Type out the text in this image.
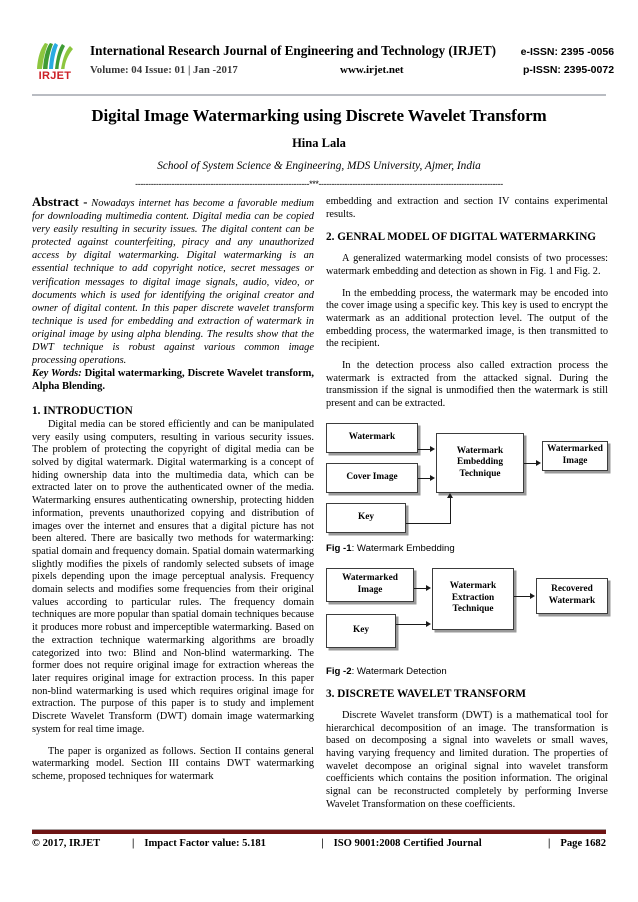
IRJET
International Research Journal of Engineering and Technology (IRJET)	e-ISSN: 2395 -0056
Volume: 04 Issue: 01 | Jan -2017	www.irjet.net	p-ISSN: 2395-0072
Digital Image Watermarking using Discrete Wavelet Transform
Hina Lala
School of System Science & Engineering, MDS University, Ajmer, India
-------------------------------------------------------------------***-----------------------------------------------------------------------

Abstract - Nowadays internet has become a favorable medium for downloading multimedia content. Digital media can be copied very easily resulting in security issues. The digital content can be protected against counterfeiting, piracy and any unauthorized access by digital watermarking. Digital watermarking is an essential technique to add copyright notice, secret messages or verification messages to digital image signals, audio, video, or documents which is used for identifying the original creator and owner of digital content. In this paper discrete wavelet transform technique is used for embedding and extraction of watermark in original image by using alpha blending. The results show that the DWT technique is robust against various common image processing operations.

Key Words: Digital watermarking, Discrete Wavelet transform, Alpha Blending.

1. INTRODUCTION

Digital media can be stored efficiently and can be manipulated very easily using computers, resulting in various security issues. The problem of protecting the copyright of digital media can be solved by digital watermark. Digital watermarking is a concept of hiding ownership data into the multimedia data, which can be extracted later on to prove the authenticated owner of the media. Watermarking ensures authenticating ownership, protecting hidden information, prevents unauthorized copying and distribution of images over the internet and ensures that a digital picture has not been altered. There are basically two methods for watermarking: spatial domain and frequency domain. Spatial domain watermarking slightly modifies the pixels of randomly selected subsets of image pixels depending upon the image perceptual analysis. Frequency domain selects and modifies some frequencies from their original values according to particular rules. The frequency domain techniques are more popular than spatial domain techniques because it produces more robust and imperceptible watermarking. Based on the extraction technique watermarking algorithms are broadly categorized into two: Blind and Non-blind watermarking. The former does not require original image for extraction whereas the later requires original image for extraction process. In this paper non-blind watermarking is used which requires original image for extraction. The purpose of this paper is to study and implement Discrete Wavelet Transform (DWT) domain image watermarking system for real time image.

The paper is organized as follows. Section II contains general watermarking model. Section III contains DWT watermarking scheme, proposed techniques for watermark

embedding and extraction and section IV contains experimental results.

2. GENRAL MODEL OF DIGITAL WATERMARKING

A generalized watermarking model consists of two processes: watermark embedding and detection as shown in Fig. 1 and Fig. 2.

In the embedding process, the watermark may be encoded into the cover image using a specific key. This key is used to encrypt the watermark as an additional protection level. The output of the embedding process, the watermarked image, is then transmitted to the recipient.

In the detection process also called extraction process the watermark is extracted from the attacked signal. During the transmission if the signal is unmodified then the watermark is still present and can be extracted.

Watermark
Cover Image
Key
Watermark Embedding Technique
Watermarked Image
Fig -1: Watermark Embedding
Watermarked Image
Key
Watermark Extraction Technique
Recovered Watermark
Fig -2: Watermark Detection
3. DISCRETE WAVELET TRANSFORM

Discrete Wavelet transform (DWT) is a mathematical tool for hierarchical decomposition of an image. The transformation is based on decomposing a signal into wavelets or small waves, having varying frequency and limited duration. The properties of wavelet decompose an original signal into wavelet transform coefficients which contains the position information. The original signal can be reconstructed completely by performing Inverse Wavelet Transformation on these coefficients.

© 2017, IRJET	| Impact Factor value: 5.181	| ISO 9001:2008 Certified Journal	| Page 1682
